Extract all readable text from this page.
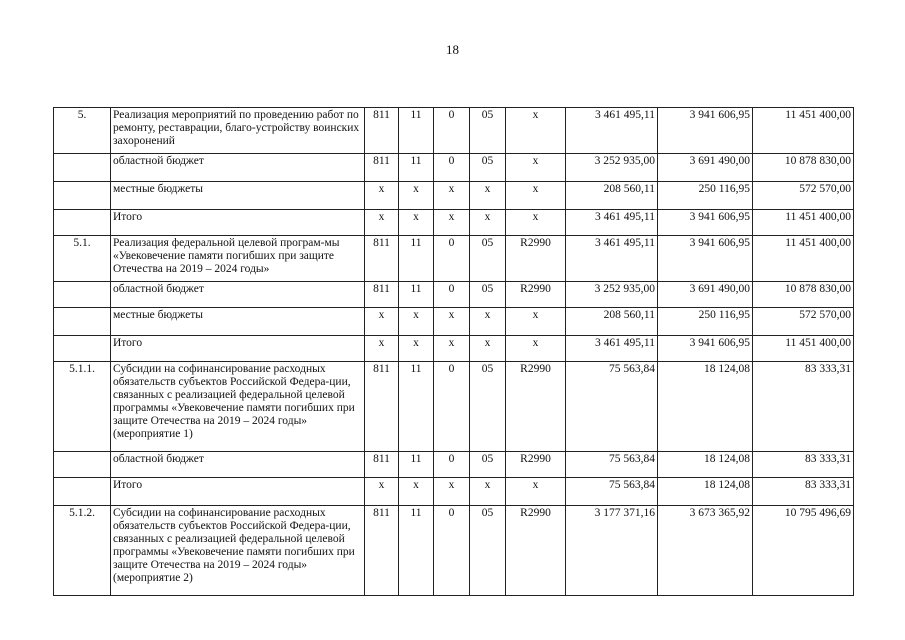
18
5.	Реализация мероприятий по проведению работ по ремонту, реставрации, благо-устройству воинских захоронений	811	11	0	05	x	3 461 495,11	3 941 606,95	11 451 400,00
	областной бюджет	811	11	0	05	x	3 252 935,00	3 691 490,00	10 878 830,00
	местные бюджеты	x	x	x	x	x	208 560,11	250 116,95	572 570,00
	Итого	x	x	x	x	x	3 461 495,11	3 941 606,95	11 451 400,00
5.1.	Реализация федеральной целевой програм-мы «Увековечение памяти погибших при защите Отечества на 2019 – 2024 годы»	811	11	0	05	R2990	3 461 495,11	3 941 606,95	11 451 400,00
	областной бюджет	811	11	0	05	R2990	3 252 935,00	3 691 490,00	10 878 830,00
	местные бюджеты	x	x	x	x	x	208 560,11	250 116,95	572 570,00
	Итого	x	x	x	x	x	3 461 495,11	3 941 606,95	11 451 400,00
5.1.1.	Субсидии на софинансирование расходных обязательств субъектов Российской Федера-ции, связанных с реализацией федеральной целевой программы «Увековечение памяти погибших при защите Отечества на 2019 – 2024 годы» (мероприятие 1)	811	11	0	05	R2990	75 563,84	18 124,08	83 333,31
	областной бюджет	811	11	0	05	R2990	75 563,84	18 124,08	83 333,31
	Итого	x	x	x	x	x	75 563,84	18 124,08	83 333,31
5.1.2.	Субсидии на софинансирование расходных обязательств субъектов Российской Федера-ции, связанных с реализацией федеральной целевой программы «Увековечение памяти погибших при защите Отечества на 2019 – 2024 годы» (мероприятие 2)	811	11	0	05	R2990	3 177 371,16	3 673 365,92	10 795 496,69
